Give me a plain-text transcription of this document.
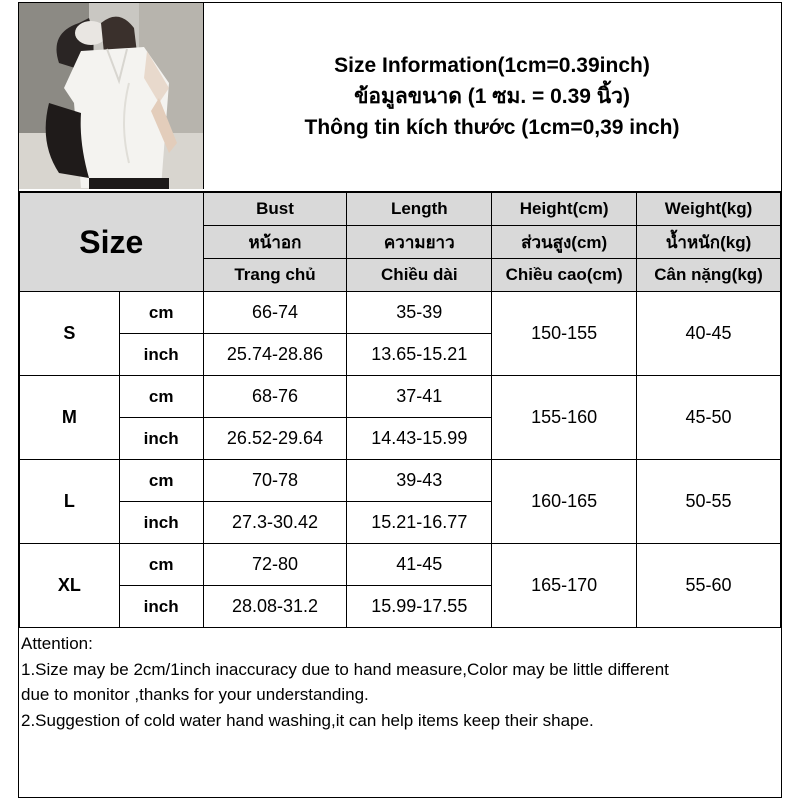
Size Information(1cm=0.39inch)
ข้อมูลขนาด (1 ซม. = 0.39 นิ้ว)
Thông tin kích thước (1cm=0,39 inch)
Size		Bust	Length	Height(cm)	Weight(kg)
		หน้าอก	ความยาว	ส่วนสูง(cm)	น้ำหนัก(kg)
		Trang chủ	Chiều dài	Chiều cao(cm)	Cân nặng(kg)
S	cm	66-74	35-39	150-155	40-45
	inch	25.74-28.86	13.65-15.21		
M	cm	68-76	37-41	155-160	45-50
	inch	26.52-29.64	14.43-15.99		
L	cm	70-78	39-43	160-165	50-55
	inch	27.3-30.42	15.21-16.77		
XL	cm	72-80	41-45	165-170	55-60
	inch	28.08-31.2	15.99-17.55		
Attention:
1.Size may be 2cm/1inch inaccuracy due to hand measure,Color may be little different
due to monitor ,thanks for your understanding.
2.Suggestion of cold water hand washing,it can help items keep their shape.
